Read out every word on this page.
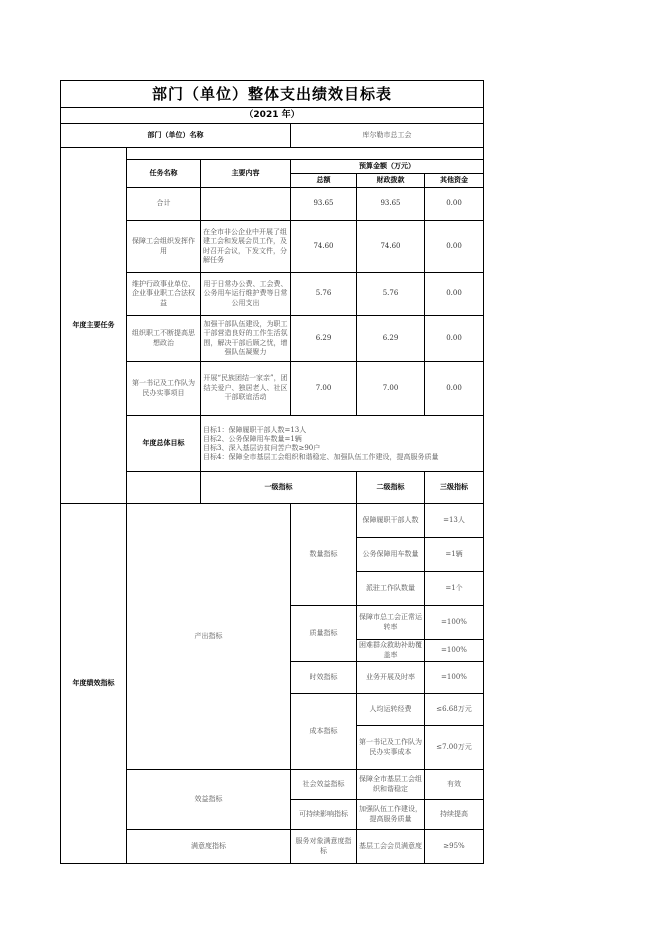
部门（单位）整体支出绩效目标表						
（2021 年）						
部门（单位）名称			库尔勒市总工会			
年度主要任务						
	任务名称	主要内容	预算金额（万元）			
			总额	财政拨款	其他资金	
	合计		93.65	93.65	0.00	

	保障工会组织发挥作用	在全市非公企业中开展了组建工会和发展会员工作，及时召开会议，下发文件，分解任务	74.60	74.60	0.00	

	维护行政事业单位、企业事业职工合法权益	用于日常办公费、工会费、公务用车运行维护费等日常公用支出	5.76	5.76	0.00	

	组织职工不断提高思想政治	加强干部队伍建设，为职工干部营造良好的工作生活氛围，解决干部后顾之忧，增强队伍凝聚力	6.29	6.29	0.00	

	第一书记及工作队为民办实事项目	开展“民族团结一家亲”，团结关爱户、独居老人、社区干部联谊活动	7.00	7.00	0.00	

	年度总体目标	目标1：保障履职干部人数=13人
目标2、公务保障用车数量=1辆
目标3、深入基层访贫问苦户数≥90户
目标4：保障全市基层工会组织和谐稳定、加强队伍工作建设，提高服务质量				

		一级指标		二级指标	三级指标	
年度绩效指标	产出指标	数量指标	保障履职干部人数	=13人
			公务保障用车数量	=1辆
			派驻工作队数量	=1个
		质量指标	保障市总工会正常运转率	=100%
			困难群众救助补助覆盖率	=100%
		时效指标	业务开展及时率	=100%
		成本指标	人均运转经费	≤6.68万元
			第一书记及工作队为民办实事成本	≤7.00万元
	效益指标	社会效益指标	保障全市基层工会组织和谐稳定	有效
		可持续影响指标	加强队伍工作建设，提高服务质量	持续提高
	满意度指标	服务对象满意度指标	基层工会会员满意度	≥95%
